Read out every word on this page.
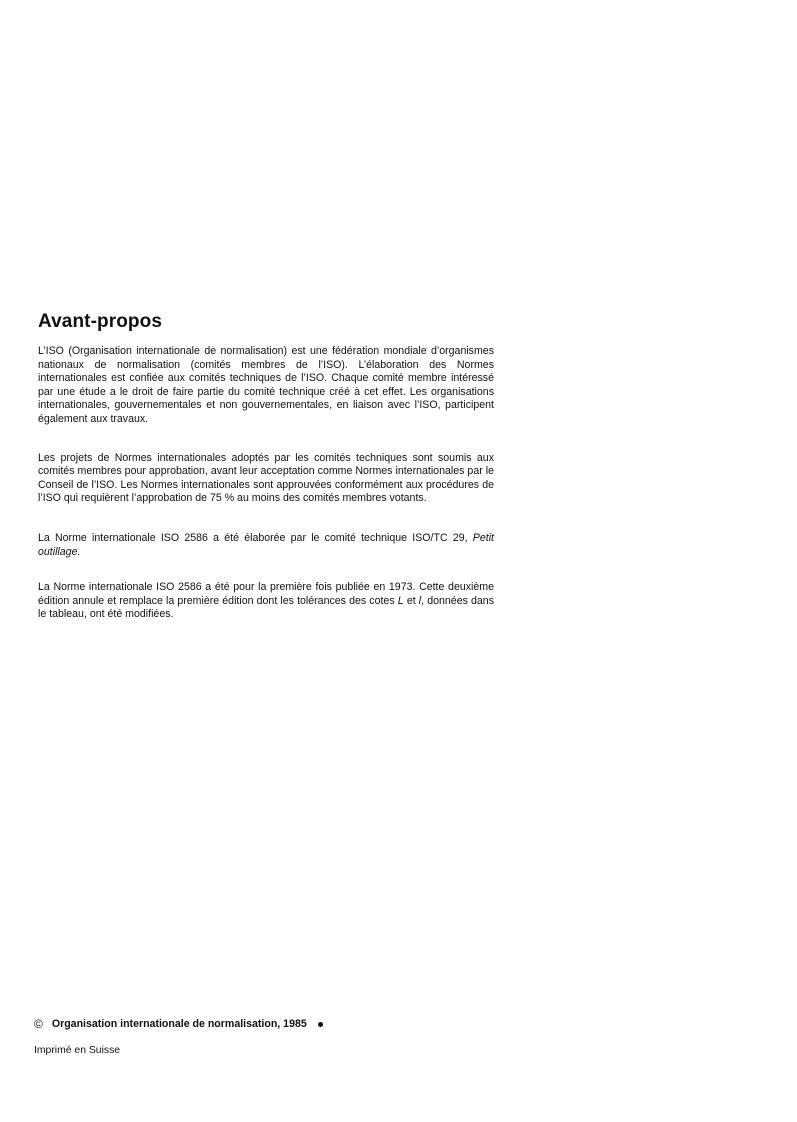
Avant-propos

L’ISO (Organisation internationale de normalisation) est une fédération mondiale d’organismes nationaux de normalisation (comités membres de l’ISO). L’élaboration des Normes internationales est confiée aux comités techniques de l’ISO. Chaque comité membre intéressé par une étude a le droit de faire partie du comité technique créé à cet effet. Les organisations internationales, gouvernementales et non gouvernementales, en liaison avec l’ISO, participent également aux travaux.

Les projets de Normes internationales adoptés par les comités techniques sont soumis aux comités membres pour approbation, avant leur acceptation comme Normes internationales par le Conseil de l’ISO. Les Normes internationales sont approuvées conformément aux procédures de l’ISO qui requièrent l’approbation de 75 % au moins des comités membres votants.

La Norme internationale ISO 2586 a été élaborée par le comité technique ISO/TC 29, Petit outillage.

La Norme internationale ISO 2586 a été pour la première fois publiée en 1973. Cette deuxième édition annule et remplace la première édition dont les tolérances des cotes L et l, données dans le tableau, ont été modifiées.

© Organisation internationale de normalisation, 1985
Imprimé en Suisse
